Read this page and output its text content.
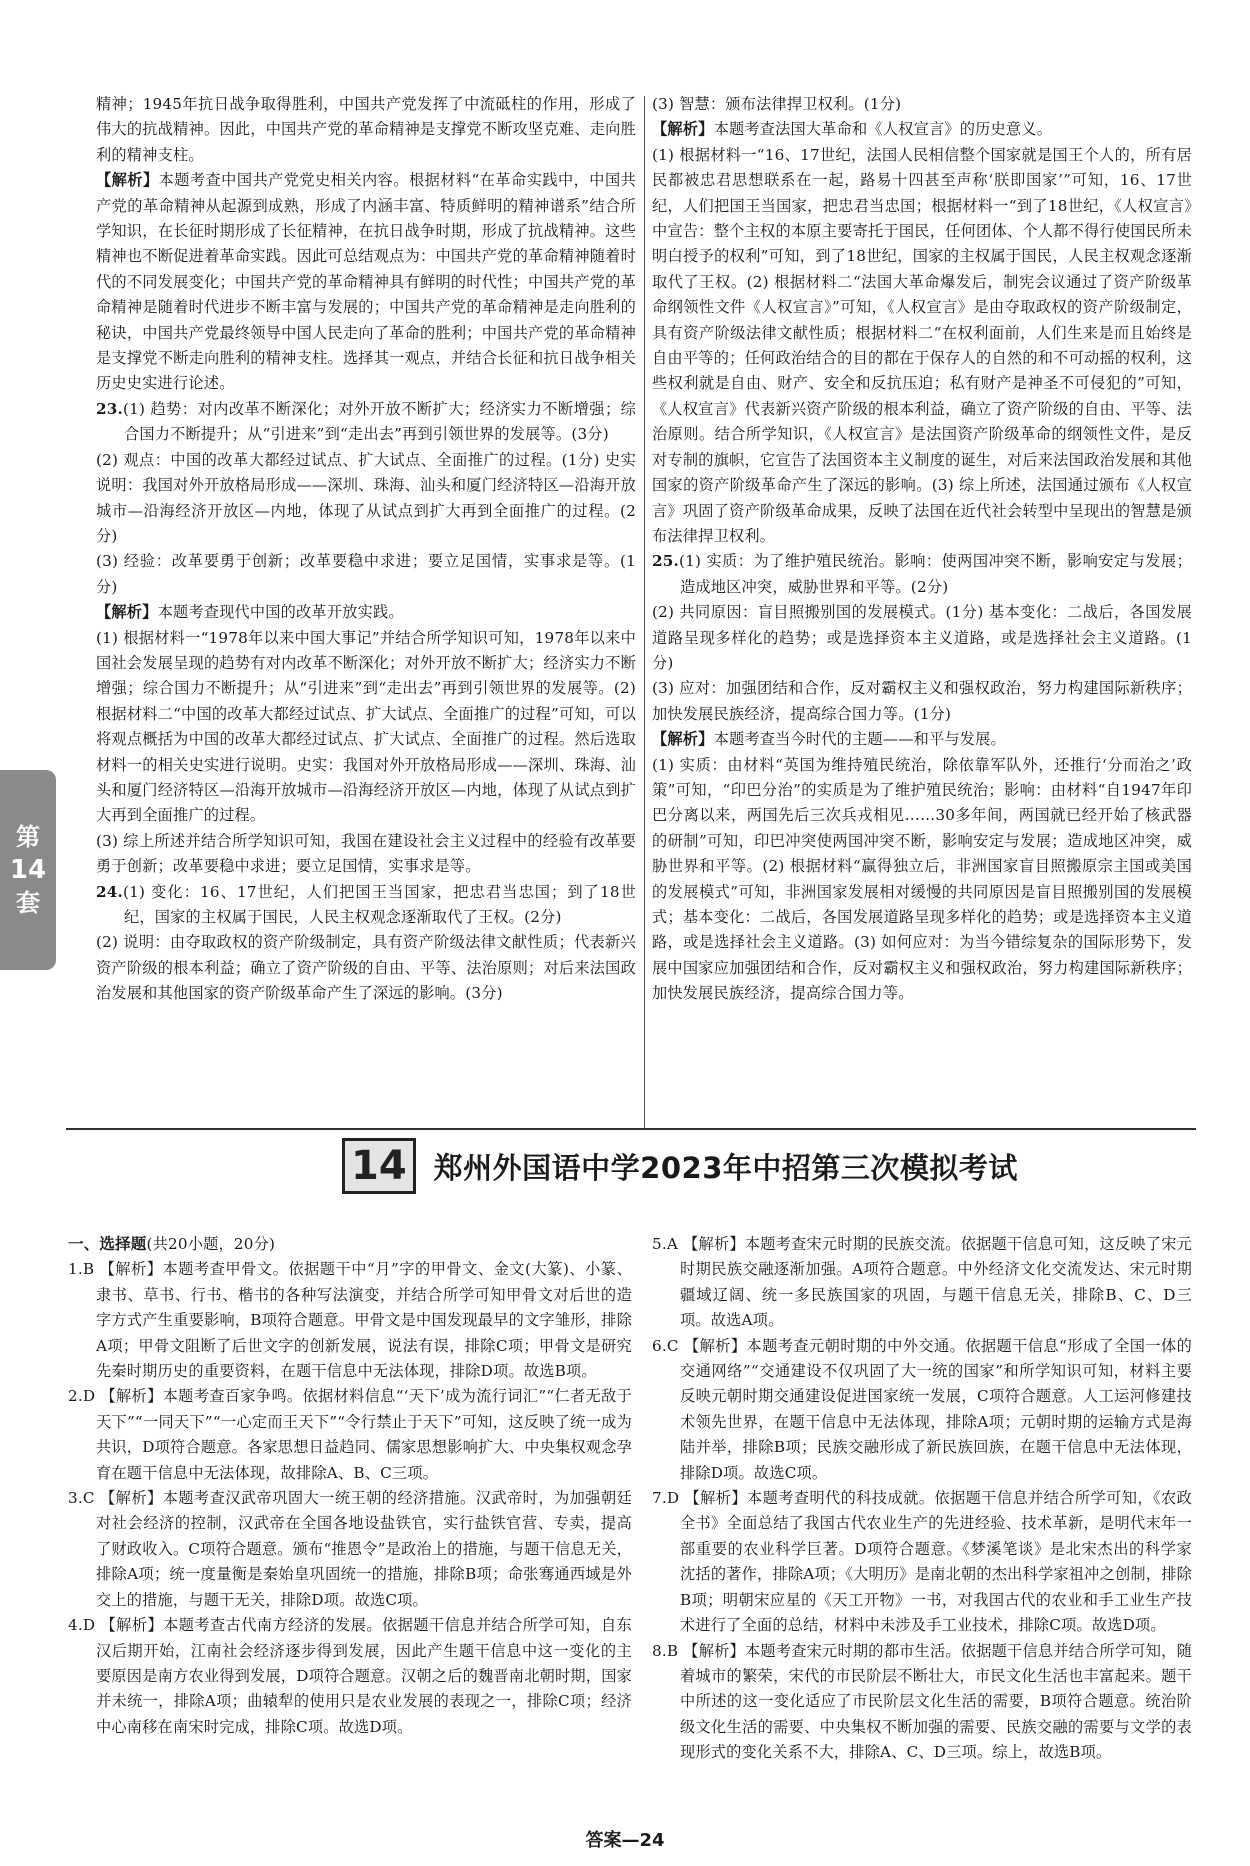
精神；1945年抗日战争取得胜利，中国共产党发挥了中流砥柱的作用，形成了伟大的抗战精神。因此，中国共产党的革命精神是支撑党不断攻坚克难、走向胜利的精神支柱。

【解析】本题考查中国共产党党史相关内容。根据材料“在革命实践中，中国共产党的革命精神从起源到成熟，形成了内涵丰富、特质鲜明的精神谱系”结合所学知识，在长征时期形成了长征精神，在抗日战争时期，形成了抗战精神。这些精神也不断促进着革命实践。因此可总结观点为：中国共产党的革命精神随着时代的不同发展变化；中国共产党的革命精神具有鲜明的时代性；中国共产党的革命精神是随着时代进步不断丰富与发展的；中国共产党的革命精神是走向胜利的秘诀，中国共产党最终领导中国人民走向了革命的胜利；中国共产党的革命精神是支撑党不断走向胜利的精神支柱。选择其一观点，并结合长征和抗日战争相关历史史实进行论述。

23.(1) 趋势：对内改革不断深化；对外开放不断扩大；经济实力不断增强；综合国力不断提升；从“引进来”到“走出去”再到引领世界的发展等。(3分)

(2) 观点：中国的改革大都经过试点、扩大试点、全面推广的过程。(1分) 史实说明：我国对外开放格局形成——深圳、珠海、汕头和厦门经济特区—沿海开放城市—沿海经济开放区—内地，体现了从试点到扩大再到全面推广的过程。(2分)

(3) 经验：改革要勇于创新；改革要稳中求进；要立足国情，实事求是等。(1分)

【解析】本题考查现代中国的改革开放实践。

(1) 根据材料一“1978年以来中国大事记”并结合所学知识可知，1978年以来中国社会发展呈现的趋势有对内改革不断深化；对外开放不断扩大；经济实力不断增强；综合国力不断提升；从“引进来”到“走出去”再到引领世界的发展等。(2) 根据材料二“中国的改革大都经过试点、扩大试点、全面推广的过程”可知，可以将观点概括为中国的改革大都经过试点、扩大试点、全面推广的过程。然后选取材料一的相关史实进行说明。史实：我国对外开放格局形成——深圳、珠海、汕头和厦门经济特区—沿海开放城市—沿海经济开放区—内地，体现了从试点到扩大再到全面推广的过程。

(3) 综上所述并结合所学知识可知，我国在建设社会主义过程中的经验有改革要勇于创新；改革要稳中求进；要立足国情，实事求是等。

24.(1) 变化：16、17世纪，人们把国王当国家，把忠君当忠国；到了18世纪，国家的主权属于国民，人民主权观念逐渐取代了王权。(2分)

(2) 说明：由夺取政权的资产阶级制定，具有资产阶级法律文献性质；代表新兴资产阶级的根本利益；确立了资产阶级的自由、平等、法治原则；对后来法国政治发展和其他国家的资产阶级革命产生了深远的影响。(3分)

(3) 智慧：颁布法律捍卫权利。(1分)

【解析】本题考查法国大革命和《人权宣言》的历史意义。

(1) 根据材料一“16、17世纪，法国人民相信整个国家就是国王个人的，所有居民都被忠君思想联系在一起，路易十四甚至声称‘朕即国家’”可知，16、17世纪，人们把国王当国家，把忠君当忠国；根据材料一“到了18世纪，《人权宣言》中宣告：整个主权的本原主要寄托于国民，任何团体、个人都不得行使国民所未明白授予的权利”可知，到了18世纪，国家的主权属于国民，人民主权观念逐渐取代了王权。(2) 根据材料二“法国大革命爆发后，制宪会议通过了资产阶级革命纲领性文件《人权宣言》”可知，《人权宣言》是由夺取政权的资产阶级制定，具有资产阶级法律文献性质；根据材料二“在权利面前，人们生来是而且始终是自由平等的；任何政治结合的目的都在于保存人的自然的和不可动摇的权利，这些权利就是自由、财产、安全和反抗压迫；私有财产是神圣不可侵犯的”可知，《人权宣言》代表新兴资产阶级的根本利益，确立了资产阶级的自由、平等、法治原则。结合所学知识，《人权宣言》是法国资产阶级革命的纲领性文件，是反对专制的旗帜，它宣告了法国资本主义制度的诞生，对后来法国政治发展和其他国家的资产阶级革命产生了深远的影响。(3) 综上所述，法国通过颁布《人权宣言》巩固了资产阶级革命成果，反映了法国在近代社会转型中呈现出的智慧是颁布法律捍卫权利。

25.(1) 实质：为了维护殖民统治。影响：使两国冲突不断，影响安定与发展；造成地区冲突，威胁世界和平等。(2分)

(2) 共同原因：盲目照搬别国的发展模式。(1分) 基本变化：二战后，各国发展道路呈现多样化的趋势；或是选择资本主义道路，或是选择社会主义道路。(1分)

(3) 应对：加强团结和合作，反对霸权主义和强权政治，努力构建国际新秩序；加快发展民族经济，提高综合国力等。(1分)

【解析】本题考查当今时代的主题——和平与发展。

(1) 实质：由材料“英国为维持殖民统治，除依靠军队外，还推行‘分而治之’政策”可知，“印巴分治”的实质是为了维护殖民统治；影响：由材料“自1947年印巴分离以来，两国先后三次兵戎相见……30多年间，两国就已经开始了核武器的研制”可知，印巴冲突使两国冲突不断，影响安定与发展；造成地区冲突，威胁世界和平等。(2) 根据材料“赢得独立后，非洲国家盲目照搬原宗主国或美国的发展模式”可知，非洲国家发展相对缓慢的共同原因是盲目照搬别国的发展模式；基本变化：二战后，各国发展道路呈现多样化的趋势；或是选择资本主义道路，或是选择社会主义道路。(3) 如何应对：为当今错综复杂的国际形势下，发展中国家应加强团结和合作，反对霸权主义和强权政治，努力构建国际新秩序；加快发展民族经济，提高综合国力等。

第
14
套
14 郑州外国语中学2023年中招第三次模拟考试

一、选择题(共20小题，20分)

1.B 【解析】本题考查甲骨文。依据题干中“月”字的甲骨文、金文(大篆)、小篆、隶书、草书、行书、楷书的各种写法演变，并结合所学可知甲骨文对后世的造字方式产生重要影响，B项符合题意。甲骨文是中国发现最早的文字雏形，排除A项；甲骨文阻断了后世文字的创新发展，说法有误，排除C项；甲骨文是研究先秦时期历史的重要资料，在题干信息中无法体现，排除D项。故选B项。

2.D 【解析】本题考查百家争鸣。依据材料信息“‘天下’成为流行词汇”“仁者无敌于天下”“一同天下”“一心定而王天下”“令行禁止于天下”可知，这反映了统一成为共识，D项符合题意。各家思想日益趋同、儒家思想影响扩大、中央集权观念孕育在题干信息中无法体现，故排除A、B、C三项。

3.C 【解析】本题考查汉武帝巩固大一统王朝的经济措施。汉武帝时，为加强朝廷对社会经济的控制，汉武帝在全国各地设盐铁官，实行盐铁官营、专卖，提高了财政收入。C项符合题意。颁布“推恩令”是政治上的措施，与题干信息无关，排除A项；统一度量衡是秦始皇巩固统一的措施，排除B项；命张骞通西域是外交上的措施，与题干无关，排除D项。故选C项。

4.D 【解析】本题考查古代南方经济的发展。依据题干信息并结合所学可知，自东汉后期开始，江南社会经济逐步得到发展，因此产生题干信息中这一变化的主要原因是南方农业得到发展，D项符合题意。汉朝之后的魏晋南北朝时期，国家并未统一，排除A项；曲辕犁的使用只是农业发展的表现之一，排除C项；经济中心南移在南宋时完成，排除C项。故选D项。

5.A 【解析】本题考查宋元时期的民族交流。依据题干信息可知，这反映了宋元时期民族交融逐渐加强。A项符合题意。中外经济文化交流发达、宋元时期疆域辽阔、统一多民族国家的巩固，与题干信息无关，排除B、C、D三项。故选A项。

6.C 【解析】本题考查元朝时期的中外交通。依据题干信息“形成了全国一体的交通网络”“交通建设不仅巩固了大一统的国家”和所学知识可知，材料主要反映元朝时期交通建设促进国家统一发展，C项符合题意。人工运河修建技术领先世界，在题干信息中无法体现，排除A项；元朝时期的运输方式是海陆并举，排除B项；民族交融形成了新民族回族，在题干信息中无法体现，排除D项。故选C项。

7.D 【解析】本题考查明代的科技成就。依据题干信息并结合所学可知，《农政全书》全面总结了我国古代农业生产的先进经验、技术革新，是明代末年一部重要的农业科学巨著。D项符合题意。《梦溪笔谈》是北宋杰出的科学家沈括的著作，排除A项；《大明历》是南北朝的杰出科学家祖冲之创制，排除B项；明朝宋应星的《天工开物》一书，对我国古代的农业和手工业生产技术进行了全面的总结，材料中未涉及手工业技术，排除C项。故选D项。

8.B 【解析】本题考查宋元时期的都市生活。依据题干信息并结合所学可知，随着城市的繁荣，宋代的市民阶层不断壮大，市民文化生活也丰富起来。题干中所述的这一变化适应了市民阶层文化生活的需要，B项符合题意。统治阶级文化生活的需要、中央集权不断加强的需要、民族交融的需要与文学的表现形式的变化关系不大，排除A、C、D三项。综上，故选B项。

答案—24
